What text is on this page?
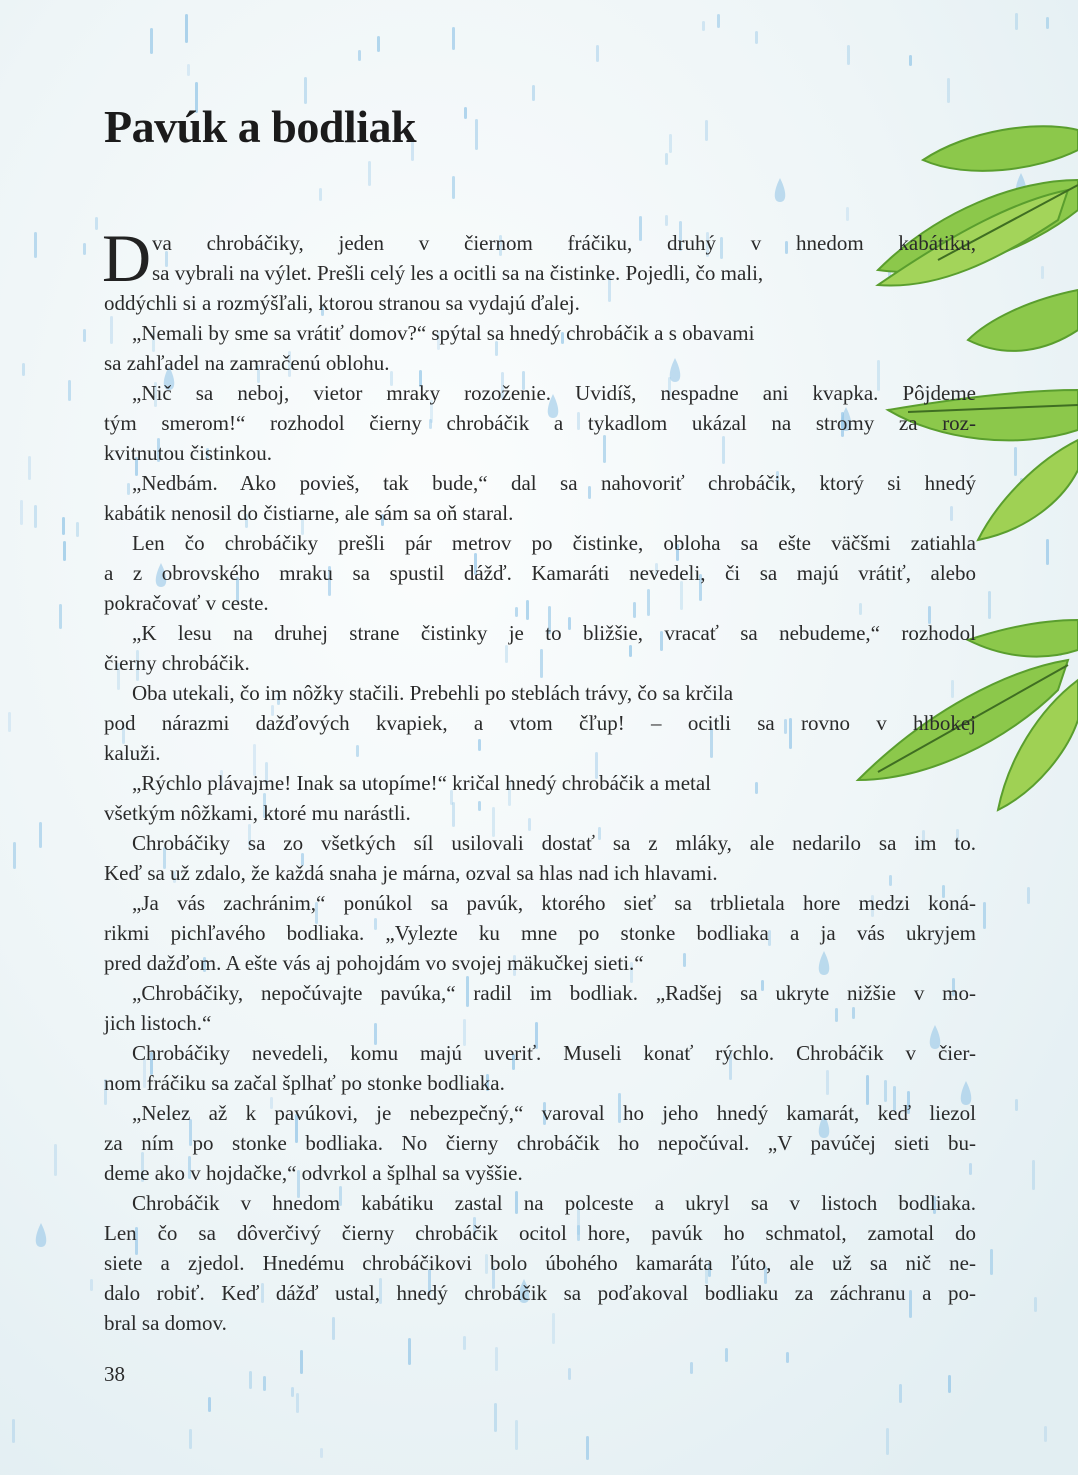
Pavúk a bodliak
D va chrobáčiky, jeden v čiernom fráčiku, druhý v hnedom kabátiku,
sa vybrali na výlet. Prešli celý les a ocitli sa na čistinke. Pojedli, čo mali,
oddýchli si a rozmýšľali, ktorou stranou sa vydajú ďalej.
„Nemali by sme sa vrátiť domov?“ spýtal sa hnedý chrobáčik a s obavami
sa zahľadel na zamračenú oblohu.
„Nič sa neboj, vietor mraky rozoženie. Uvidíš, nespadne ani kvapka. Pôjdeme
tým smerom!“ rozhodol čierny chrobáčik a tykadlom ukázal na stromy za roz-
kvitnutou čistinkou.
„Nedbám. Ako povieš, tak bude,“ dal sa nahovoriť chrobáčik, ktorý si hnedý
kabátik nenosil do čistiarne, ale sám sa oň staral.
Len čo chrobáčiky prešli pár metrov po čistinke, obloha sa ešte väčšmi zatiahla
a z obrovského mraku sa spustil dážď. Kamaráti nevedeli, či sa majú vrátiť, alebo
pokračovať v ceste.
„K lesu na druhej strane čistinky je to bližšie, vracať sa nebudeme,“ rozhodol
čierny chrobáčik.
Oba utekali, čo im nôžky stačili. Prebehli po steblách trávy, čo sa krčila
pod nárazmi dažďových kvapiek, a vtom čľup! – ocitli sa rovno v hlbokej
kaluži.
„Rýchlo plávajme! Inak sa utopíme!“ kričal hnedý chrobáčik a metal
všetkým nôžkami, ktoré mu narástli.
Chrobáčiky sa zo všetkých síl usilovali dostať sa z mláky, ale nedarilo sa im to.
Keď sa už zdalo, že každá snaha je márna, ozval sa hlas nad ich hlavami.
„Ja vás zachránim,“ ponúkol sa pavúk, ktorého sieť sa trblietala hore medzi koná-
rikmi pichľavého bodliaka. „Vylezte ku mne po stonke bodliaka a ja vás ukryjem
pred dažďom. A ešte vás aj pohojdám vo svojej mäkučkej sieti.“
„Chrobáčiky, nepočúvajte pavúka,“ radil im bodliak. „Radšej sa ukryte nižšie v mo-
jich listoch.“
Chrobáčiky nevedeli, komu majú uveriť. Museli konať rýchlo. Chrobáčik v čier-
nom fráčiku sa začal šplhať po stonke bodliaka.
„Nelez až k pavúkovi, je nebezpečný,“ varoval ho jeho hnedý kamarát, keď liezol
za ním po stonke bodliaka. No čierny chrobáčik ho nepočúval. „V pavúčej sieti bu-
deme ako v hojdačke,“ odvrkol a šplhal sa vyššie.
Chrobáčik v hnedom kabátiku zastal na polceste a ukryl sa v listoch bodliaka.
Len čo sa dôverčivý čierny chrobáčik ocitol hore, pavúk ho schmatol, zamotal do
siete a zjedol. Hnedému chrobáčikovi bolo úbohého kamaráta ľúto, ale už sa nič ne-
dalo robiť. Keď dážď ustal, hnedý chrobáčik sa poďakoval bodliaku za záchranu a po-
bral sa domov.
38
